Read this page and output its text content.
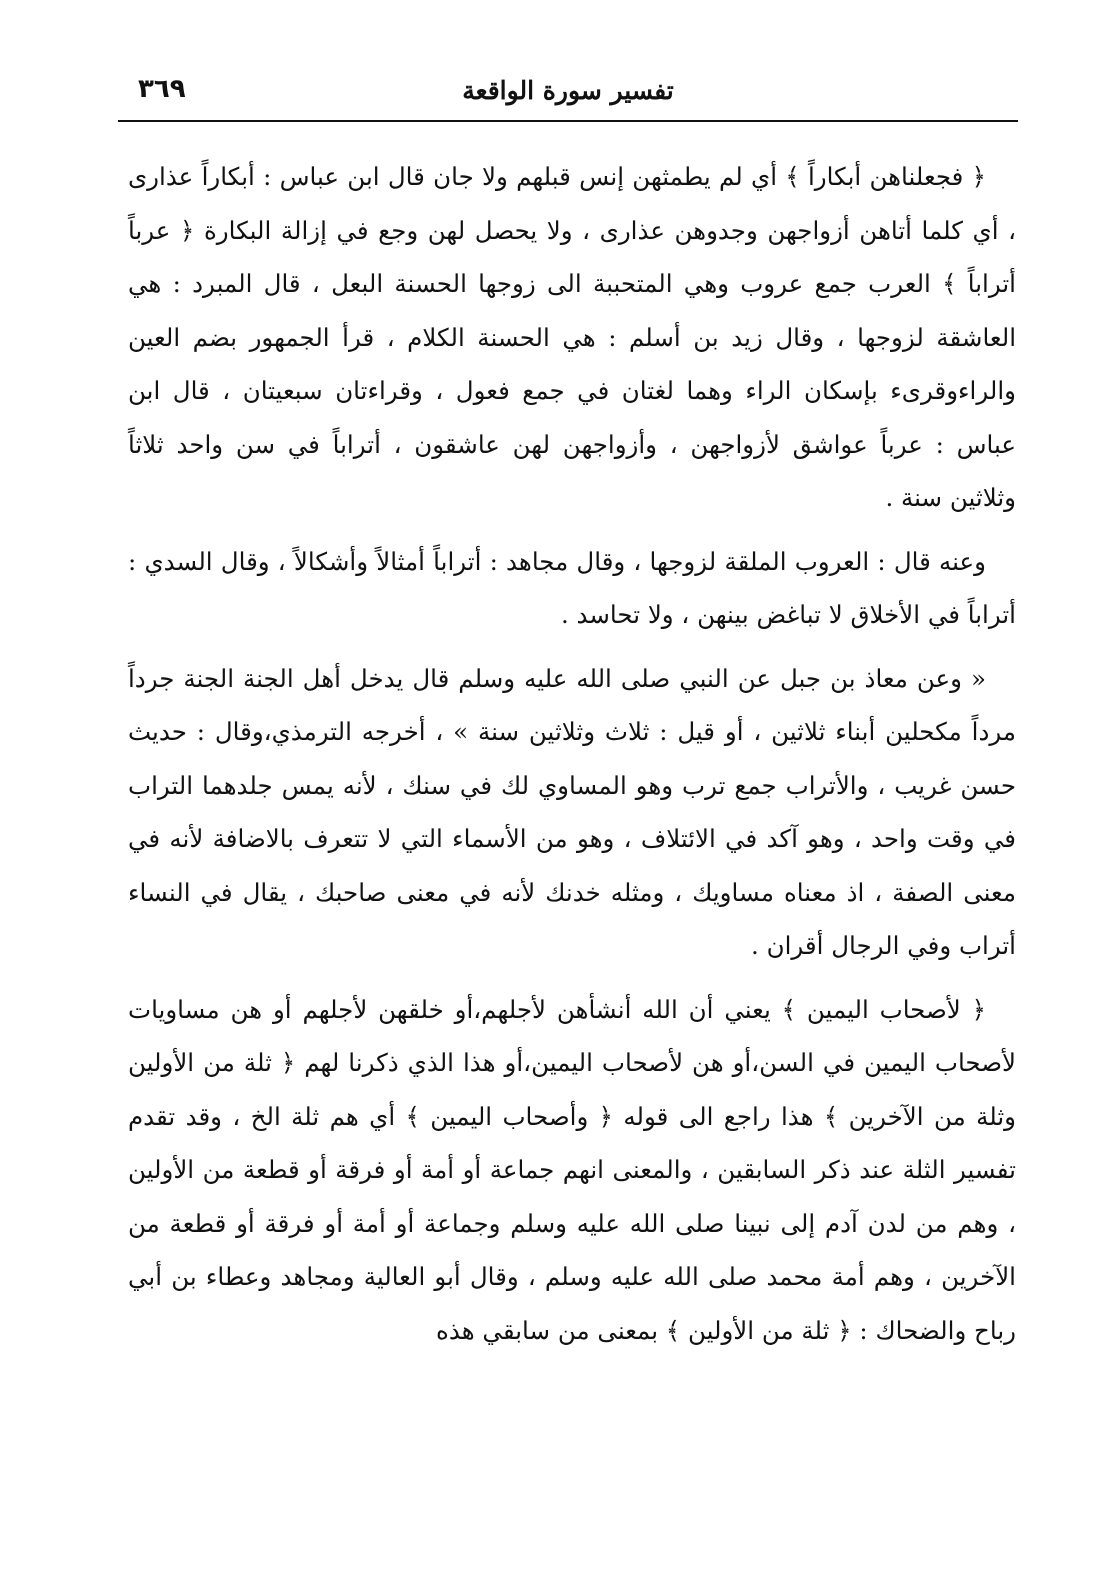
٣٦٩	تفسير سورة الواقعة

﴿ فجعلناهن أبكاراً ﴾ أي لم يطمثهن إنس قبلهم ولا جان قال ابن عباس : أبكاراً عذارى ، أي كلما أتاهن أزواجهن وجدوهن عذارى ، ولا يحصل لهن وجع في إزالة البكارة ﴿ عرباً أتراباً ﴾ العرب جمع عروب وهي المتحببة الى زوجها الحسنة البعل ، قال المبرد : هي العاشقة لزوجها ، وقال زيد بن أسلم : هي الحسنة الكلام ، قرأ الجمهور بضم العين والراءوقرىء بإسكان الراء وهما لغتان في جمع فعول ، وقراءتان سبعيتان ، قال ابن عباس : عرباً عواشق لأزواجهن ، وأزواجهن لهن عاشقون ، أتراباً في سن واحد ثلاثاً وثلاثين سنة .

وعنه قال : العروب الملقة لزوجها ، وقال مجاهد : أتراباً أمثالاً وأشكالاً ، وقال السدي : أتراباً في الأخلاق لا تباغض بينهن ، ولا تحاسد .

« وعن معاذ بن جبل عن النبي صلى الله عليه وسلم قال يدخل أهل الجنة الجنة جرداً مرداً مكحلين أبناء ثلاثين ، أو قيل : ثلاث وثلاثين سنة » ، أخرجه الترمذي،وقال : حديث حسن غريب ، والأتراب جمع ترب وهو المساوي لك في سنك ، لأنه يمس جلدهما التراب في وقت واحد ، وهو آكد في الائتلاف ، وهو من الأسماء التي لا تتعرف بالاضافة لأنه في معنى الصفة ، اذ معناه مساويك ، ومثله خدنك لأنه في معنى صاحبك ، يقال في النساء أتراب وفي الرجال أقران .

﴿ لأصحاب اليمين ﴾ يعني أن الله أنشأهن لأجلهم،أو خلقهن لأجلهم أو هن مساويات لأصحاب اليمين في السن،أو هن لأصحاب اليمين،أو هذا الذي ذكرنا لهم ﴿ ثلة من الأولين وثلة من الآخرين ﴾ هذا راجع الى قوله ﴿ وأصحاب اليمين ﴾ أي هم ثلة الخ ، وقد تقدم تفسير الثلة عند ذكر السابقين ، والمعنى انهم جماعة أو أمة أو فرقة أو قطعة من الأولين ، وهم من لدن آدم إلى نبينا صلى الله عليه وسلم وجماعة أو أمة أو فرقة أو قطعة من الآخرين ، وهم أمة محمد صلى الله عليه وسلم ، وقال أبو العالية ومجاهد وعطاء بن أبي رباح والضحاك : ﴿ ثلة من الأولين ﴾ بمعنى من سابقي هذه
